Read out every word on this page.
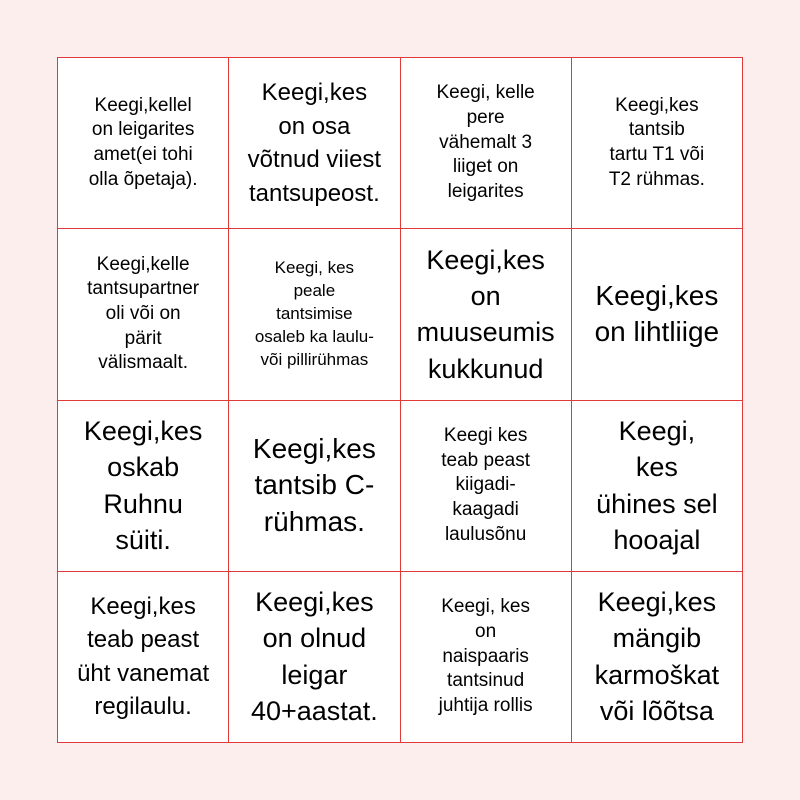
Keegi,kellel
on leigarites
amet(ei tohi
olla õpetaja).
Keegi,kes
on osa
võtnud viiest
tantsupeost.
Keegi, kelle
pere
vähemalt 3
liiget on
leigarites
Keegi,kes
tantsib
tartu T1 või
T2 rühmas.
Keegi,kelle
tantsupartner
oli või on
pärit
välismaalt.
Keegi, kes
peale
tantsimise
osaleb ka laulu-
või pillirühmas
Keegi,kes
on
muuseumis
kukkunud
Keegi,kes
on lihtliige
Keegi,kes
oskab
Ruhnu
süiti.
Keegi,kes
tantsib C-
rühmas.
Keegi kes
teab peast
kiigadi-
kaagadi
laulusõnu
Keegi,
kes
ühines sel
hooajal
Keegi,kes
teab peast
üht vanemat
regilaulu.
Keegi,kes
on olnud
leigar
40+aastat.
Keegi, kes
on
naispaaris
tantsinud
juhtija rollis
Keegi,kes
mängib
karmoškat
või lõõtsa
